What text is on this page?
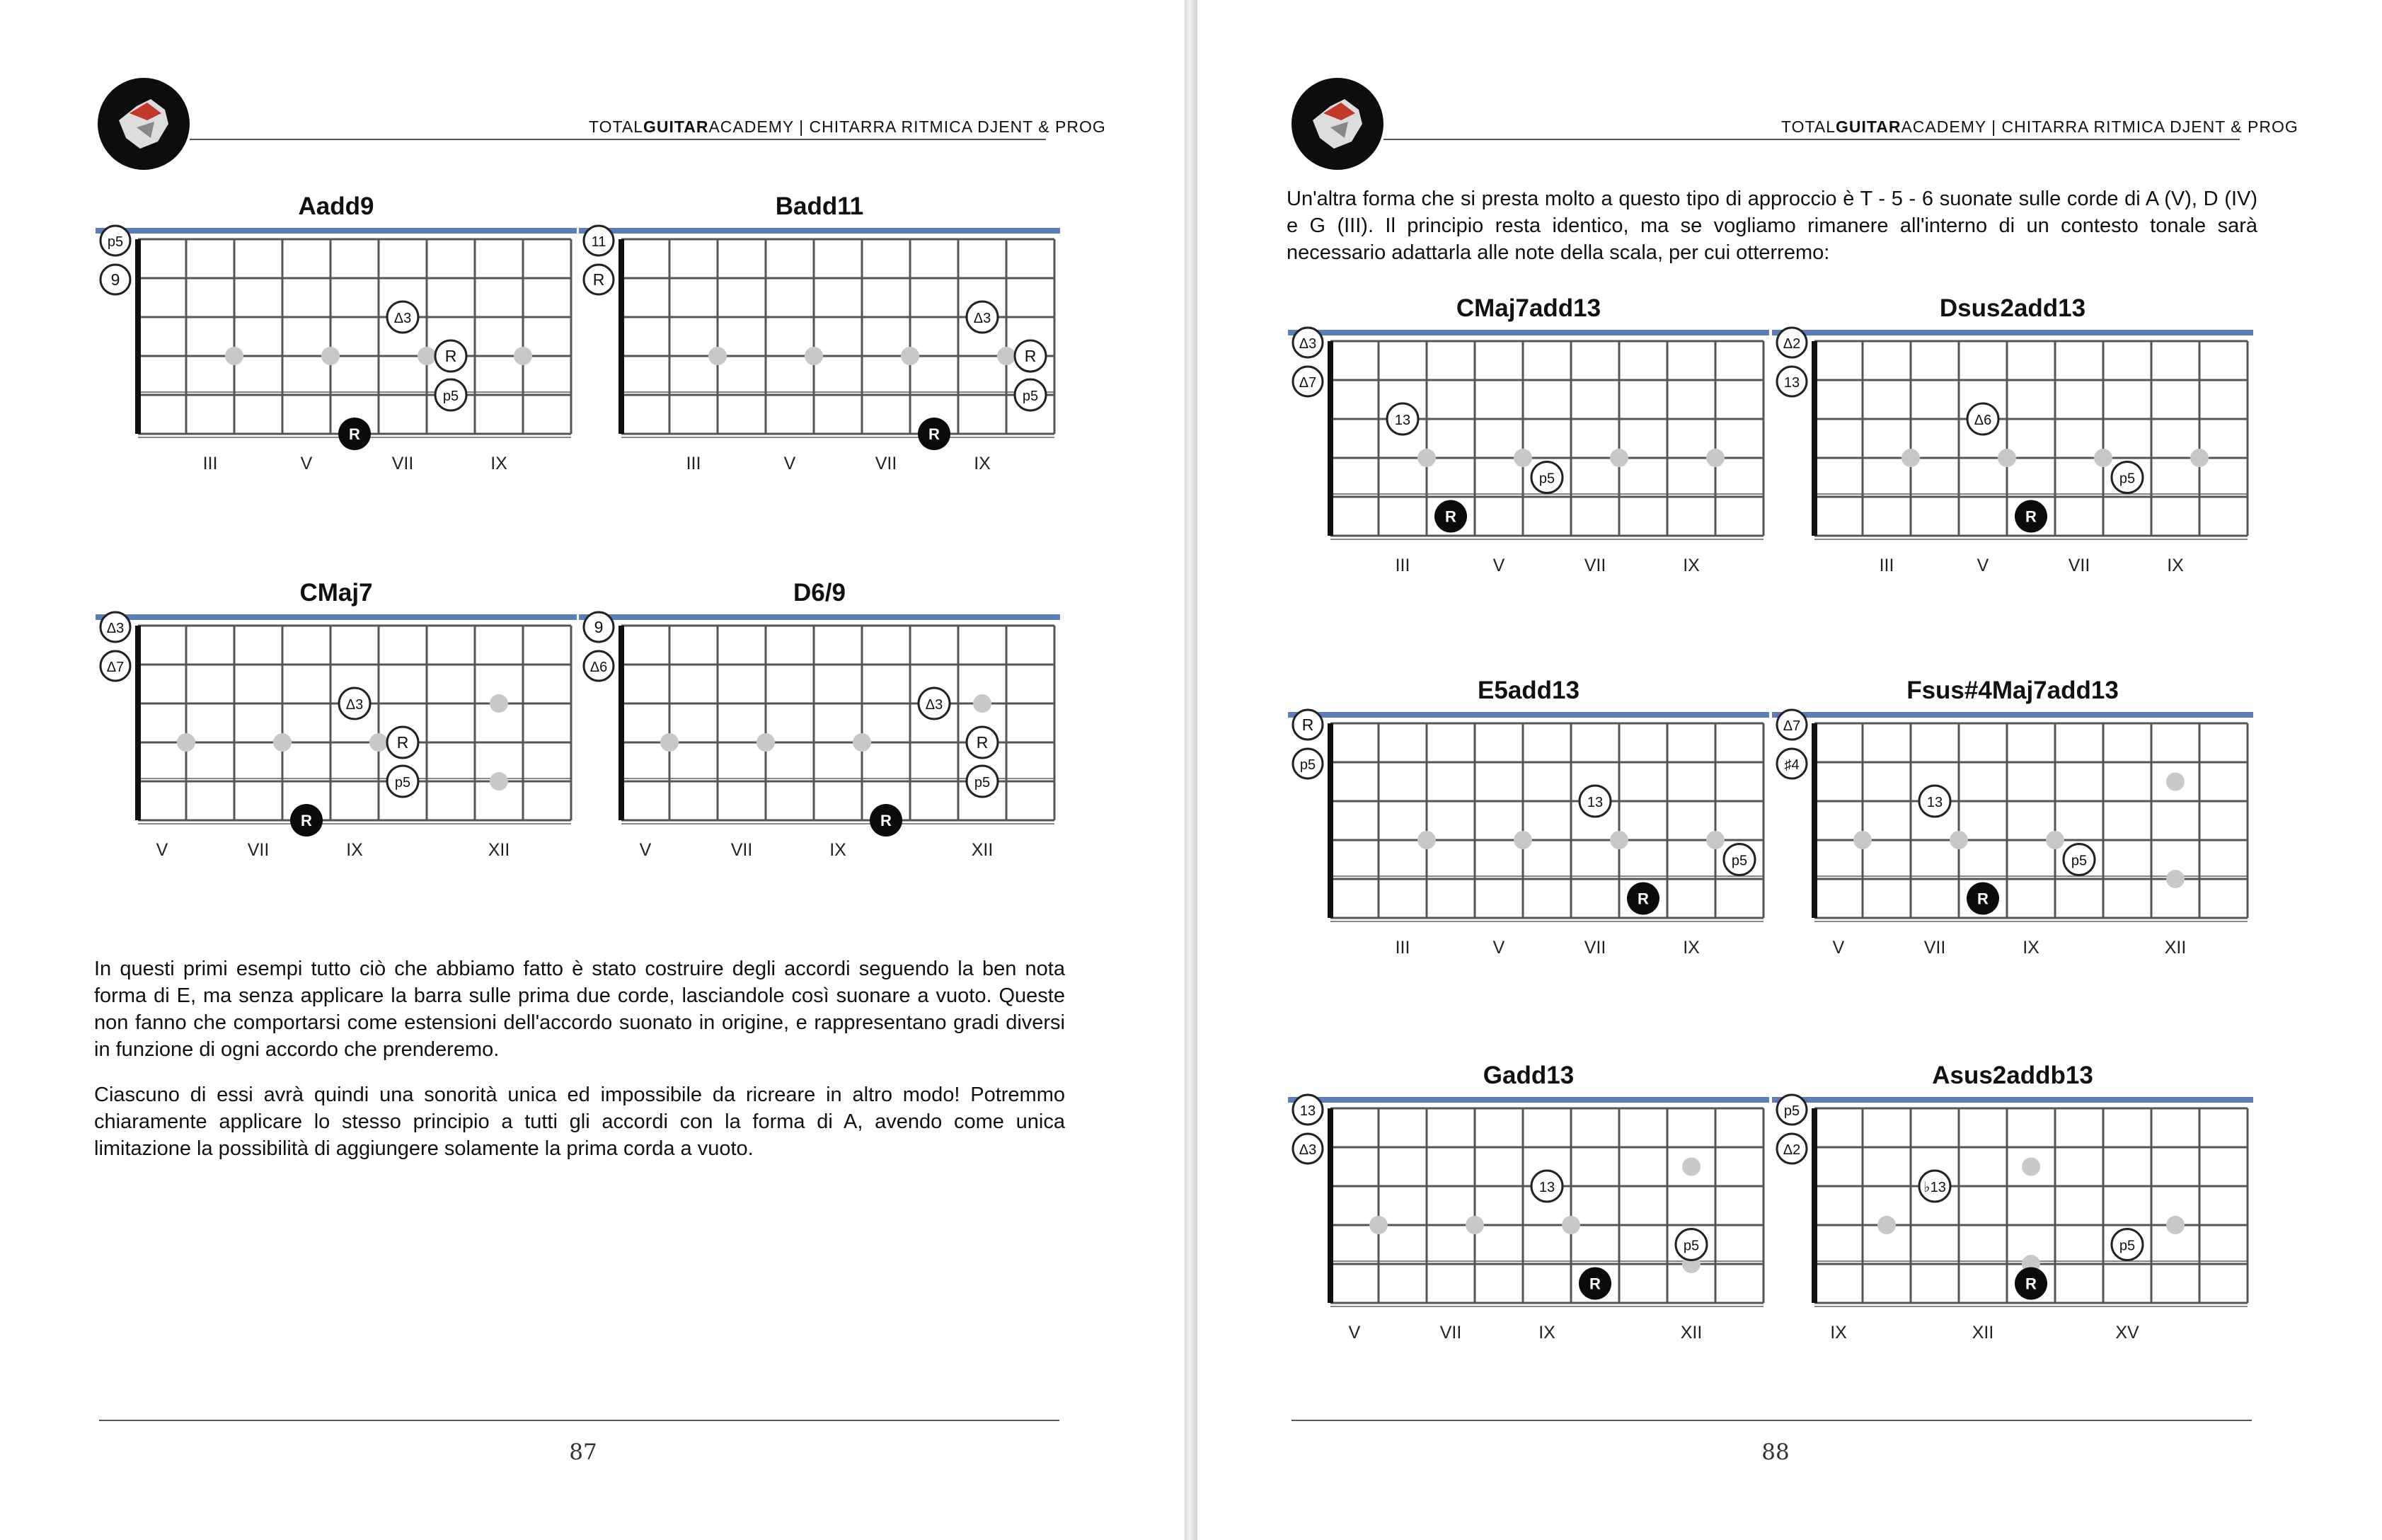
TOTALGUITARACADEMY | CHITARRA RITMICA DJENT & PROG
Aadd9
p5
9
Δ3
R
p5
R
III	V	VII	IX
Badd11
11
R
Δ3
R
p5
R
III	V	VII	IX
CMaj7
Δ3
Δ7
Δ3
R
p5
R
V	VII	IX	XII
D6/9
9
Δ6
Δ3
R
p5
R
V	VII	IX	XII
In questi primi esempi tutto ciò che abbiamo fatto è stato costruire degli accordi seguendo la ben nota forma di E, ma senza applicare la barra sulle prima due corde, lasciandole così suonare a vuoto. Queste non fanno che comportarsi come estensioni dell'accordo suonato in origine, e rappresentano gradi diversi in funzione di ogni accordo che prenderemo.
Ciascuno di essi avrà quindi una sonorità unica ed impossibile da ricreare in altro modo! Potremmo chiaramente applicare lo stesso principio a tutti gli accordi con la forma di A, avendo come unica limitazione la possibilità di aggiungere solamente la prima corda a vuoto.
87
TOTALGUITARACADEMY | CHITARRA RITMICA DJENT & PROG
Un'altra forma che si presta molto a questo tipo di approccio è T - 5 - 6 suonate sulle corde di A (V), D (IV) e G (III). Il principio resta identico, ma se vogliamo rimanere all'interno di un contesto tonale sarà necessario adattarla alle note della scala, per cui otterremo:
CMaj7add13
Δ3
Δ7
13
p5
R
III	V	VII	IX
Dsus2add13
Δ2
13
Δ6
p5
R
III	V	VII	IX
E5add13
R
p5
13
p5
R
III	V	VII	IX
Fsus#4Maj7add13
Δ7
♯4
13
p5
R
V	VII	IX	XII
Gadd13
13
Δ3
13
p5
R
V	VII	IX	XII
Asus2addb13
p5
Δ2
♭13
p5
R
IX	XII	XV
88
